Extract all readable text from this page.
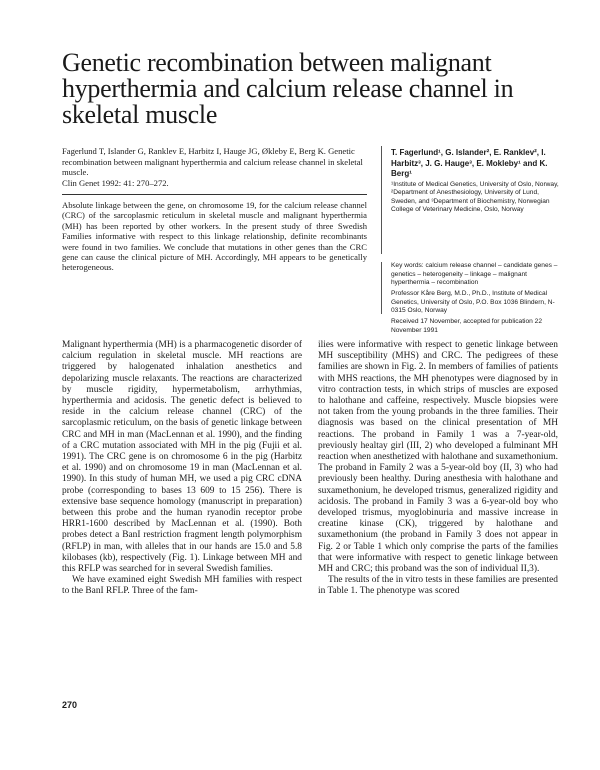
Genetic recombination between malignant hyperthermia and calcium release channel in skeletal muscle
Fagerlund T, Islander G, Ranklev E, Harbitz I, Hauge JG, Økleby E, Berg K. Genetic recombination between malignant hyperthermia and calcium release channel in skeletal muscle.
Clin Genet 1992: 41: 270–272.

Absolute linkage between the gene, on chromosome 19, for the calcium release channel (CRC) of the sarcoplasmic reticulum in skeletal muscle and malignant hyperthermia (MH) has been reported by other workers. In the present study of three Swedish Families informative with respect to this linkage relationship, definite recombinants were found in two families. We conclude that mutations in other genes than the CRC gene can cause the clinical picture of MH. Accordingly, MH appears to be genetically heterogeneous.

T. Fagerlund¹, G. Islander², E. Ranklev², I. Harbitz³, J. G. Hauge³, E. Mokleby¹ and K. Berg¹
¹Institute of Medical Genetics, University of Oslo, Norway, ²Department of Anesthesiology, University of Lund, Sweden, and ³Department of Biochemistry, Norwegian College of Veterinary Medicine, Oslo, Norway
Key words: calcium release channel – candidate genes – genetics – heterogeneity – linkage – malignant hyperthermia – recombination
Professor Kåre Berg, M.D., Ph.D., Institute of Medical Genetics, University of Oslo, P.O. Box 1036 Blindern, N-0315 Oslo, Norway
Received 17 November, accepted for publication 22 November 1991

Malignant hyperthermia (MH) is a pharmacogenetic disorder of calcium regulation in skeletal muscle. MH reactions are triggered by halogenated inhalation anesthetics and depolarizing muscle relaxants. The reactions are characterized by muscle rigidity, hypermetabolism, arrhythmias, hyperthermia and acidosis. The genetic defect is believed to reside in the calcium release channel (CRC) of the sarcoplasmic reticulum, on the basis of genetic linkage between CRC and MH in man (MacLennan et al. 1990), and the finding of a CRC mutation associated with MH in the pig (Fujii et al. 1991). The CRC gene is on chromosome 6 in the pig (Harbitz et al. 1990) and on chromosome 19 in man (MacLennan et al. 1990). In this study of human MH, we used a pig CRC cDNA probe (corresponding to bases 13 609 to 15 256). There is extensive base sequence homology (manuscript in preparation) between this probe and the human ryanodin receptor probe HRR1-1600 described by MacLennan et al. (1990). Both probes detect a BanI restriction fragment length polymorphism (RFLP) in man, with alleles that in our hands are 15.0 and 5.8 kilobases (kb), respectively (Fig. 1). Linkage between MH and this RFLP was searched for in several Swedish families.

We have examined eight Swedish MH families with respect to the BanI RFLP. Three of the fam-

ilies were informative with respect to genetic linkage between MH susceptibility (MHS) and CRC. The pedigrees of these families are shown in Fig. 2. In members of families of patients with MHS reactions, the MH phenotypes were diagnosed by in vitro contraction tests, in which strips of muscles are exposed to halothane and caffeine, respectively. Muscle biopsies were not taken from the young probands in the three families. Their diagnosis was based on the clinical presentation of MH reactions. The proband in Family 1 was a 7-year-old, previously healtay girl (III, 2) who developed a fulminant MH reaction when anesthetized with halothane and suxamethonium. The proband in Family 2 was a 5-year-old boy (II, 3) who had previously been healthy. During anesthesia with halothane and suxamethonium, he developed trismus, generalized rigidity and acidosis. The proband in Family 3 was a 6-year-old boy who developed trismus, myoglobinuria and massive increase in creatine kinase (CK), triggered by halothane and suxamethonium (the proband in Family 3 does not appear in Fig. 2 or Table 1 which only comprise the parts of the families that were informative with respect to genetic linkage between MH and CRC; this proband was the son of individual II,3).

The results of the in vitro tests in these families are presented in Table 1. The phenotype was scored

270
